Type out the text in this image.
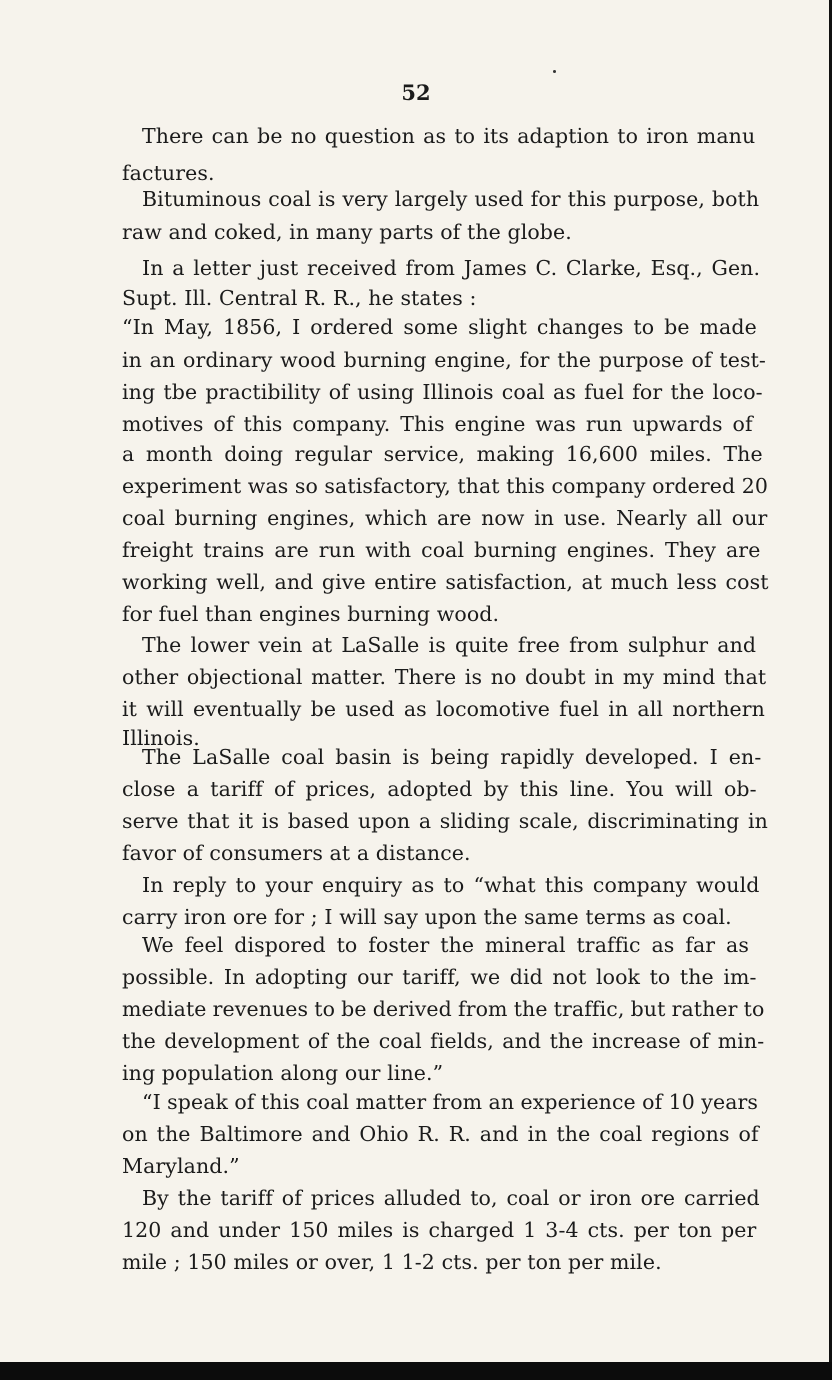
52
There can be no question as to its adaption to iron manu
factures.
Bituminous coal is very largely used for this purpose, both
raw and coked, in many parts of the globe.
In a letter just received from James C. Clarke, Esq., Gen.
Supt. Ill. Central R. R., he states :
“In May, 1856, I ordered some slight changes to be made
in an ordinary wood burning engine, for the purpose of test-
ing tbe practibility of using Illinois coal as fuel for the loco-
motives of this company. This engine was run upwards of
a month doing regular service, making 16,600 miles. The
experiment was so satisfactory, that this company ordered 20
coal burning engines, which are now in use. Nearly all our
freight trains are run with coal burning engines. They are
working well, and give entire satisfaction, at much less cost
for fuel than engines burning wood.
The lower vein at LaSalle is quite free from sulphur and
other objectional matter. There is no doubt in my mind that
it will eventually be used as locomotive fuel in all northern
Illinois.
The LaSalle coal basin is being rapidly developed. I en-
close a tariff of prices, adopted by this line. You will ob-
serve that it is based upon a sliding scale, discriminating in
favor of consumers at a distance.
In reply to your enquiry as to “what this company would
carry iron ore for ; I will say upon the same terms as coal.
We feel dispored to foster the mineral traffic as far as
possible. In adopting our tariff, we did not look to the im-
mediate revenues to be derived from the traffic, but rather to
the development of the coal fields, and the increase of min-
ing population along our line.”
“I speak of this coal matter from an experience of 10 years
on the Baltimore and Ohio R. R. and in the coal regions of
Maryland.”
By the tariff of prices alluded to, coal or iron ore carried
120 and under 150 miles is charged 1 3-4 cts. per ton per
mile ; 150 miles or over, 1 1-2 cts. per ton per mile.
